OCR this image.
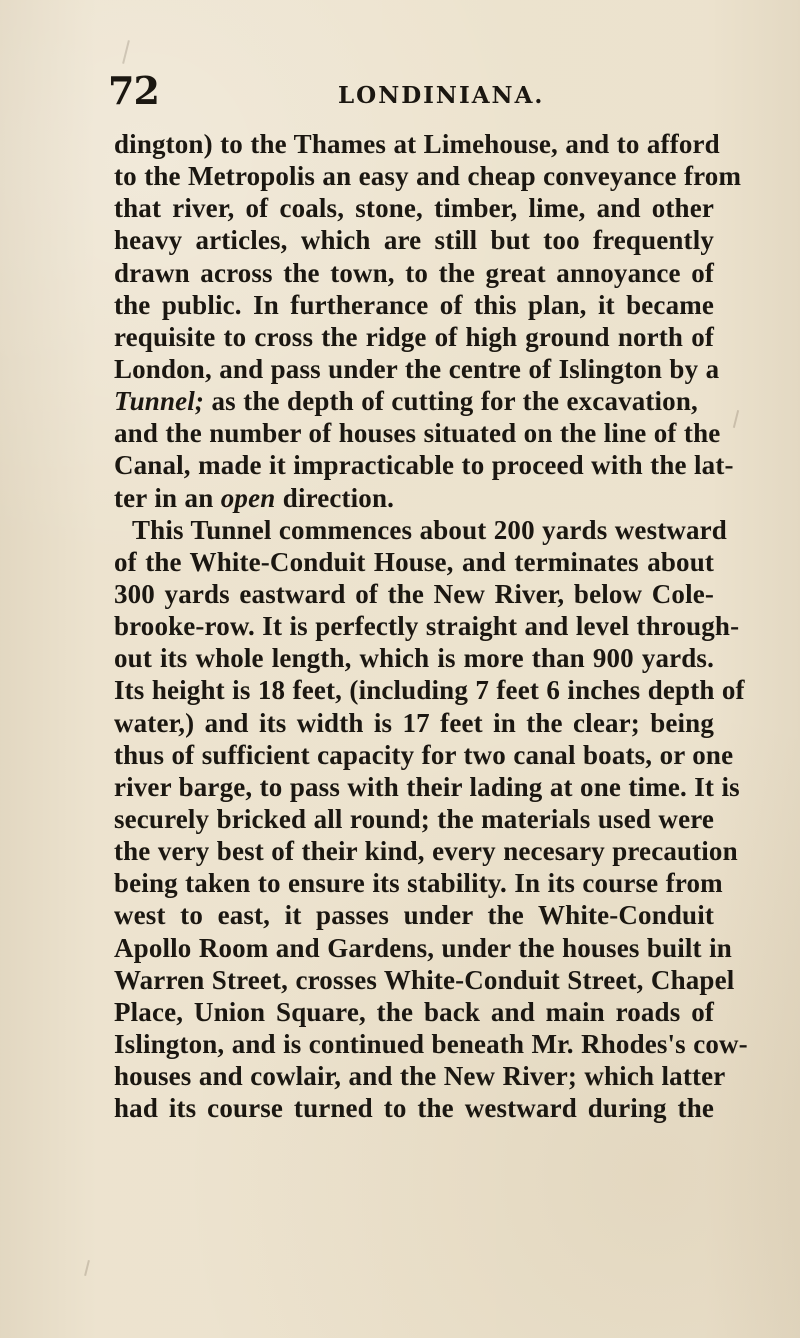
72	LONDINIANA.
dington) to the Thames at Limehouse, and to afford
to the Metropolis an easy and cheap conveyance from
that river, of coals, stone, timber, lime, and other
heavy articles, which are still but too frequently
drawn across the town, to the great annoyance of
the public. In furtherance of this plan, it became
requisite to cross the ridge of high ground north of
London, and pass under the centre of Islington by a
Tunnel; as the depth of cutting for the excavation,
and the number of houses situated on the line of the
Canal, made it impracticable to proceed with the lat-
ter in an open direction.
This Tunnel commences about 200 yards westward
of the White-Conduit House, and terminates about
300 yards eastward of the New River, below Cole-
brooke-row. It is perfectly straight and level through-
out its whole length, which is more than 900 yards.
Its height is 18 feet, (including 7 feet 6 inches depth of
water,) and its width is 17 feet in the clear; being
thus of sufficient capacity for two canal boats, or one
river barge, to pass with their lading at one time. It is
securely bricked all round; the materials used were
the very best of their kind, every necesary precaution
being taken to ensure its stability. In its course from
west to east, it passes under the White-Conduit
Apollo Room and Gardens, under the houses built in
Warren Street, crosses White-Conduit Street, Chapel
Place, Union Square, the back and main roads of
Islington, and is continued beneath Mr. Rhodes's cow-
houses and cowlair, and the New River; which latter
had its course turned to the westward during the
